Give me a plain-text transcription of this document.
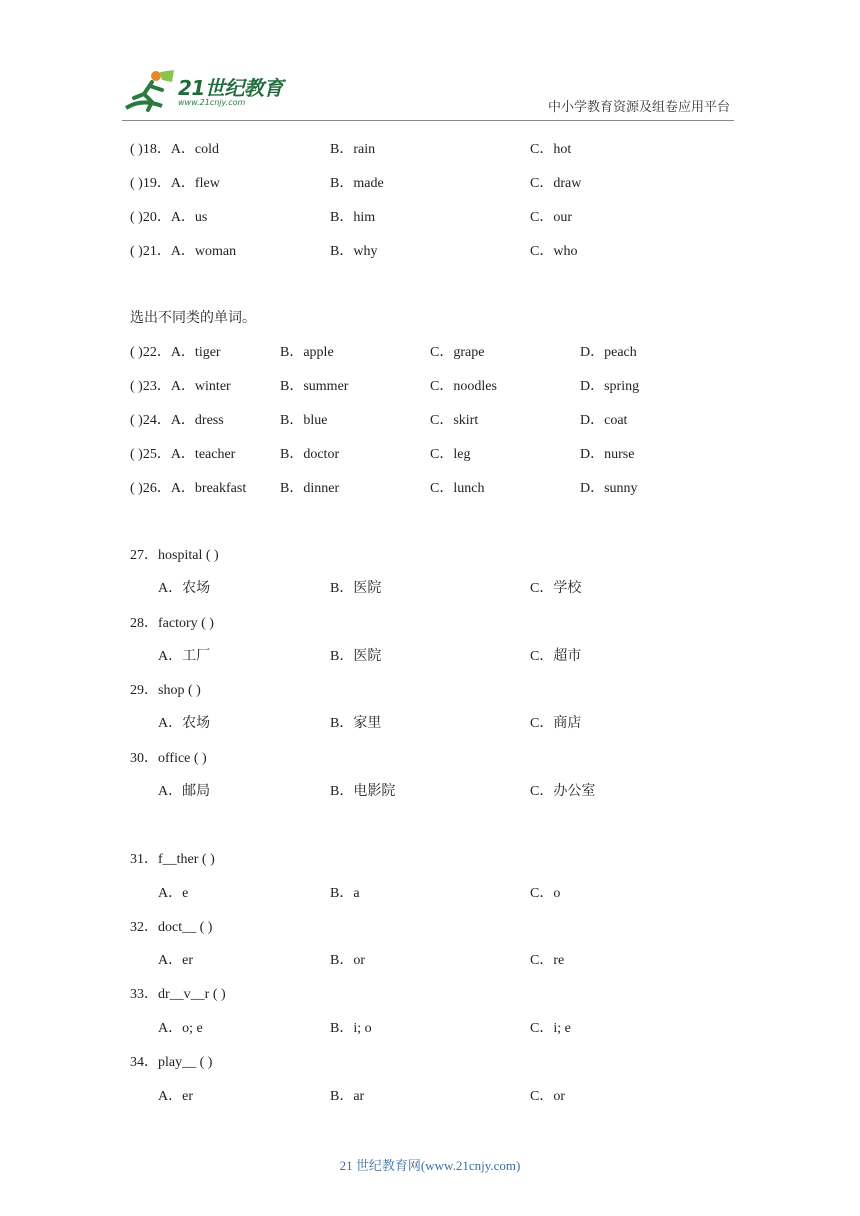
21世纪教育
www.21cnjy.com	中小学教育资源及组卷应用平台
( )18．A．cold	B．rain	C．hot
( )19．A．flew	B．made	C．draw
( )20．A．us	B．him	C．our
( )21．A．woman	B．why	C．who
选出不同类的单词。
( )22．A．tiger	B．apple	C．grape	D．peach
( )23．A．winter	B．summer	C．noodles	D．spring
( )24．A．dress	B．blue	C．skirt	D．coat
( )25．A．teacher	B．doctor	C．leg	D．nurse
( )26．A．breakfast B．dinner	C．lunch	D．sunny
27．hospital ( )
A．农场	B．医院	C．学校
28．factory ( )
A．工厂	B．医院	C．超市
29．shop ( )
A．农场	B．家里	C．商店
30．office ( )
A．邮局	B．电影院	C．办公室
31．f__ther ( )
A．e	B．a	C．o
32．doct__ ( )
A．er	B．or	C．re
33．dr__v__r ( )
A．o; e	B．i; o	C．i; e
34．play__ ( )
A．er	B．ar	C．or
21 世纪教育网(www.21cnjy.com)
